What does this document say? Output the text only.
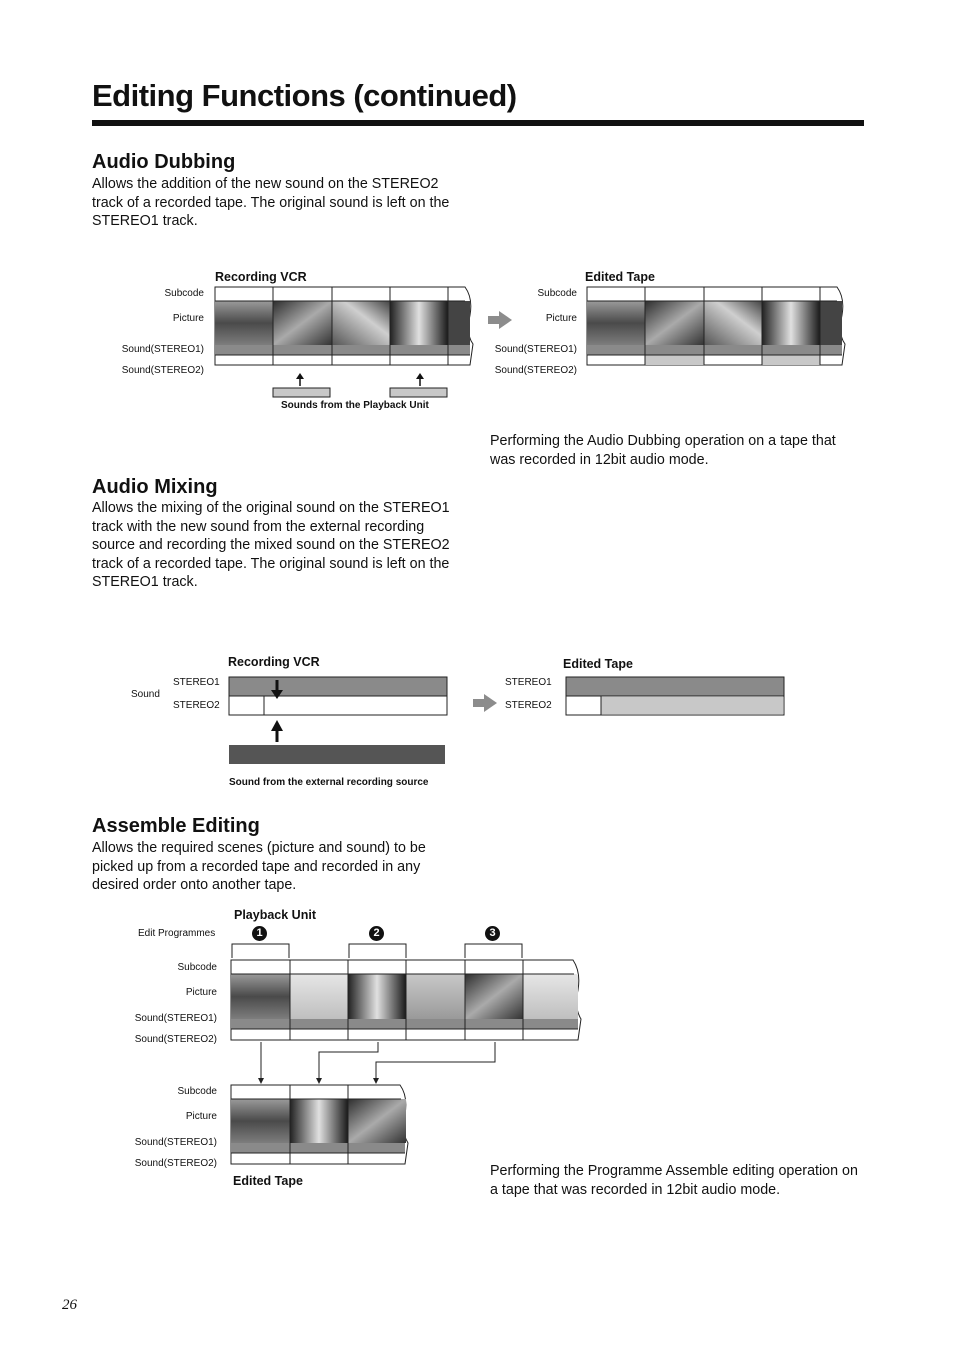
Editing Functions (continued)
Audio Dubbing

Allows the addition of the new sound on the STEREO2 track of a recorded tape. The original sound is left on the STEREO1 track.

Recording VCR
Subcode
Picture
Sound(STEREO1)
Sound(STEREO2)
Sounds from the Playback Unit
Edited Tape
Subcode
Picture
Sound(STEREO1)
Sound(STEREO2)

Performing the Audio Dubbing operation on a tape that was recorded in 12bit audio mode.

Audio Mixing

Allows the mixing of the original sound on the STEREO1 track with the new sound from the external recording source and recording the mixed sound on the STEREO2 track of a recorded tape. The original sound is left on the STEREO1 track.

Recording VCR
Sound
STEREO1
STEREO2
Sound from the external recording source
Edited Tape
STEREO1
STEREO2
Assemble Editing

Allows the required scenes (picture and sound) to be picked up from a recorded tape and recorded in any desired order onto another tape.

Playback Unit
Edit Programmes	1	2	3
Subcode
Picture
Sound(STEREO1)
Sound(STEREO2)
Subcode
Picture
Sound(STEREO1)
Sound(STEREO2)
Edited Tape

Performing the Programme Assemble editing operation on a tape that was recorded in 12bit audio mode.

26
